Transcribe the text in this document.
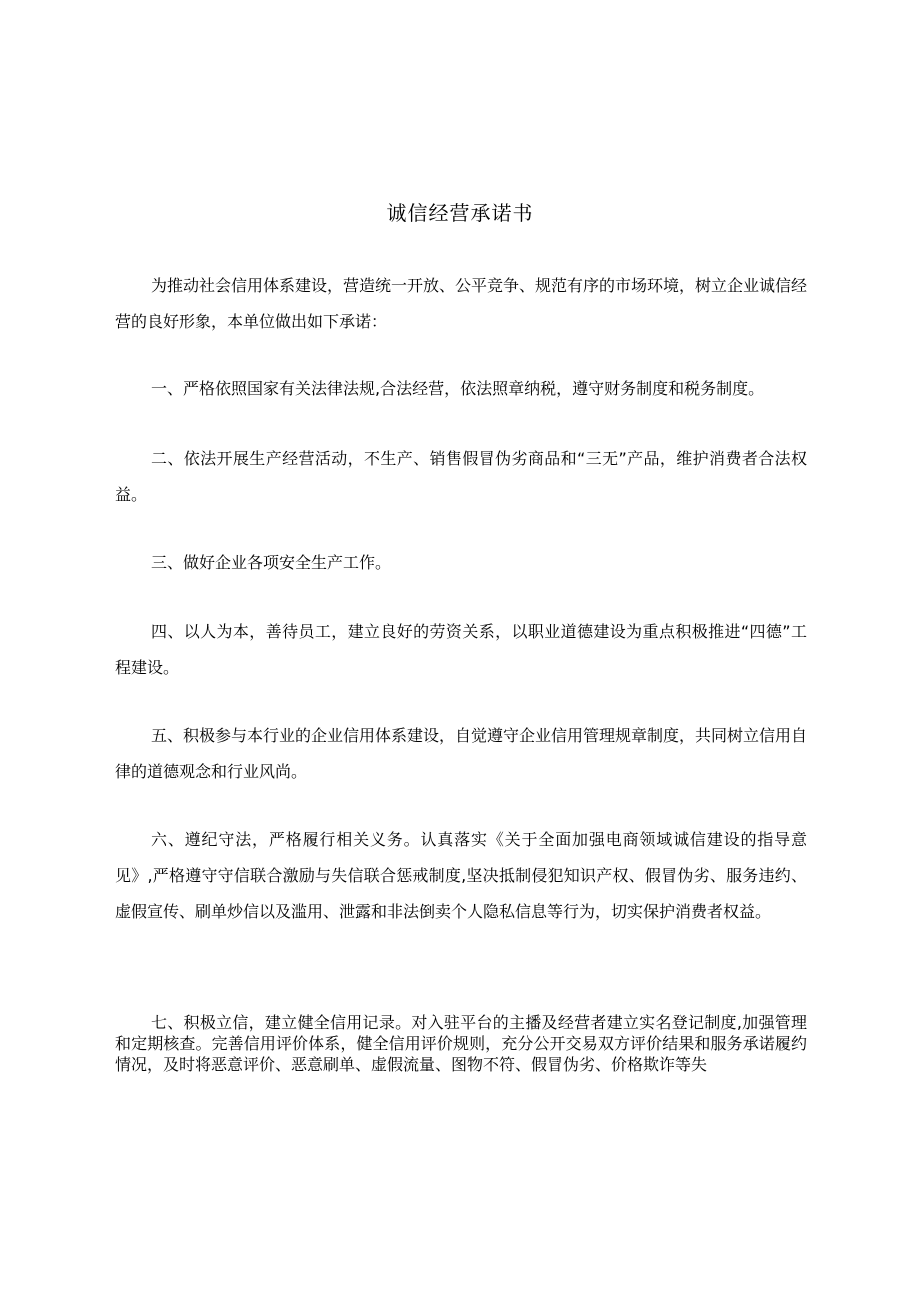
诚信经营承诺书

为推动社会信用体系建设，营造统一开放、公平竞争、规范有序的市场环境，树立企业诚信经营的良好形象，本单位做出如下承诺：

一、严格依照国家有关法律法规,合法经营，依法照章纳税，遵守财务制度和税务制度。

二、依法开展生产经营活动，不生产、销售假冒伪劣商品和“三无”产品，维护消费者合法权益。

三、做好企业各项安全生产工作。

四、以人为本，善待员工，建立良好的劳资关系，以职业道德建设为重点积极推进“四德”工程建设。

五、积极参与本行业的企业信用体系建设，自觉遵守企业信用管理规章制度，共同树立信用自律的道德观念和行业风尚。

六、遵纪守法，严格履行相关义务。认真落实《关于全面加强电商领域诚信建设的指导意见》,严格遵守守信联合激励与失信联合惩戒制度,坚决抵制侵犯知识产权、假冒伪劣、服务违约、虚假宣传、刷单炒信以及滥用、泄露和非法倒卖个人隐私信息等行为，切实保护消费者权益。

七、积极立信，建立健全信用记录。对入驻平台的主播及经营者建立实名登记制度,加强管理和定期核查。完善信用评价体系，健全信用评价规则，充分公开交易双方评价结果和服务承诺履约情况，及时将恶意评价、恶意刷单、虚假流量、图物不符、假冒伪劣、价格欺诈等失
